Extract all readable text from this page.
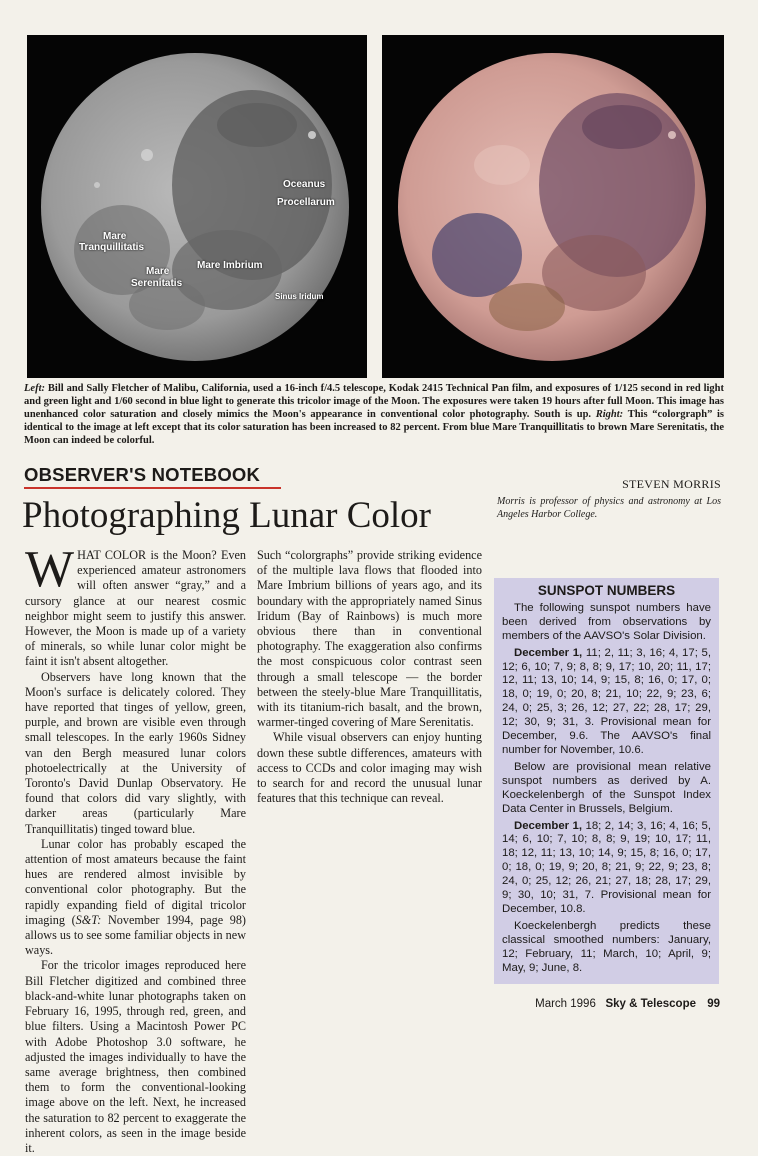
Oceanus
Procellarum
Mare
Tranquillitatis
Mare Imbrium
Mare
Serenitatis
Sinus Iridum

Left: Bill and Sally Fletcher of Malibu, California, used a 16-inch f/4.5 telescope, Kodak 2415 Technical Pan film, and exposures of 1/125 second in red light and green light and 1/60 second in blue light to generate this tricolor image of the Moon. The exposures were taken 19 hours after full Moon. This image has unenhanced color saturation and closely mimics the Moon's appearance in conventional color photography. South is up. Right: This “colorgraph” is identical to the image at left except that its color saturation has been increased to 82 percent. From blue Mare Tranquillitatis to brown Mare Serenitatis, the Moon can indeed be colorful.

OBSERVER'S NOTEBOOK
Photographing Lunar Color

WHAT COLOR is the Moon? Even experienced amateur astronomers will often answer “gray,” and a cursory glance at our nearest cosmic neighbor might seem to justify this answer. However, the Moon is made up of a variety of minerals, so while lunar color might be faint it isn't absent altogether.

Observers have long known that the Moon's surface is delicately colored. They have reported that tinges of yellow, green, purple, and brown are visible even through small telescopes. In the early 1960s Sidney van den Bergh measured lunar colors photoelectrically at the University of Toronto's David Dunlap Observatory. He found that colors did vary slightly, with darker areas (particularly Mare Tranquillitatis) tinged toward blue.

Lunar color has probably escaped the attention of most amateurs because the faint hues are rendered almost invisible by conventional color photography. But the rapidly expanding field of digital tricolor imaging (S&T: November 1994, page 98) allows us to see some familiar objects in new ways.

For the tricolor images reproduced here Bill Fletcher digitized and combined three black-and-white lunar photographs taken on February 16, 1995, through red, green, and blue filters. Using a Macintosh Power PC with Adobe Photoshop 3.0 software, he adjusted the images individually to have the same average brightness, then combined them to form the conventional-looking image above on the left. Next, he increased the saturation to 82 percent to exaggerate the inherent colors, as seen in the image beside it.

Such “colorgraphs” provide striking evidence of the multiple lava flows that flooded into Mare Imbrium billions of years ago, and its boundary with the appropriately named Sinus Iridum (Bay of Rainbows) is much more obvious there than in conventional photography. The exaggeration also confirms the most conspicuous color contrast seen through a small telescope — the border between the steely-blue Mare Tranquillitatis, with its titanium-rich basalt, and the brown, warmer-tinged covering of Mare Serenitatis.

While visual observers can enjoy hunting down these subtle differences, amateurs with access to CCDs and color imaging may wish to search for and record the unusual lunar features that this technique can reveal.

STEVEN MORRIS
Morris is professor of physics and astronomy at Los Angeles Harbor College.
SUNSPOT NUMBERS

The following sunspot numbers have been derived from observations by members of the AAVSO's Solar Division.

December 1, 11; 2, 11; 3, 16; 4, 17; 5, 12; 6, 10; 7, 9; 8, 8; 9, 17; 10, 20; 11, 17; 12, 11; 13, 10; 14, 9; 15, 8; 16, 0; 17, 0; 18, 0; 19, 0; 20, 8; 21, 10; 22, 9; 23, 6; 24, 0; 25, 3; 26, 12; 27, 22; 28, 17; 29, 12; 30, 9; 31, 3. Provisional mean for December, 9.6. The AAVSO's final number for November, 10.6.

Below are provisional mean relative sunspot numbers as derived by A. Koeckelenbergh of the Sunspot Index Data Center in Brussels, Belgium.

December 1, 18; 2, 14; 3, 16; 4, 16; 5, 14; 6, 10; 7, 10; 8, 8; 9, 19; 10, 17; 11, 18; 12, 11; 13, 10; 14, 9; 15, 8; 16, 0; 17, 0; 18, 0; 19, 9; 20, 8; 21, 9; 22, 9; 23, 8; 24, 0; 25, 12; 26, 21; 27, 18; 28, 17; 29, 9; 30, 10; 31, 7. Provisional mean for December, 10.8.

Koeckelenbergh predicts these classical smoothed numbers: January, 12; February, 11; March, 10; April, 9; May, 9; June, 8.

March 1996 Sky & Telescope 99
